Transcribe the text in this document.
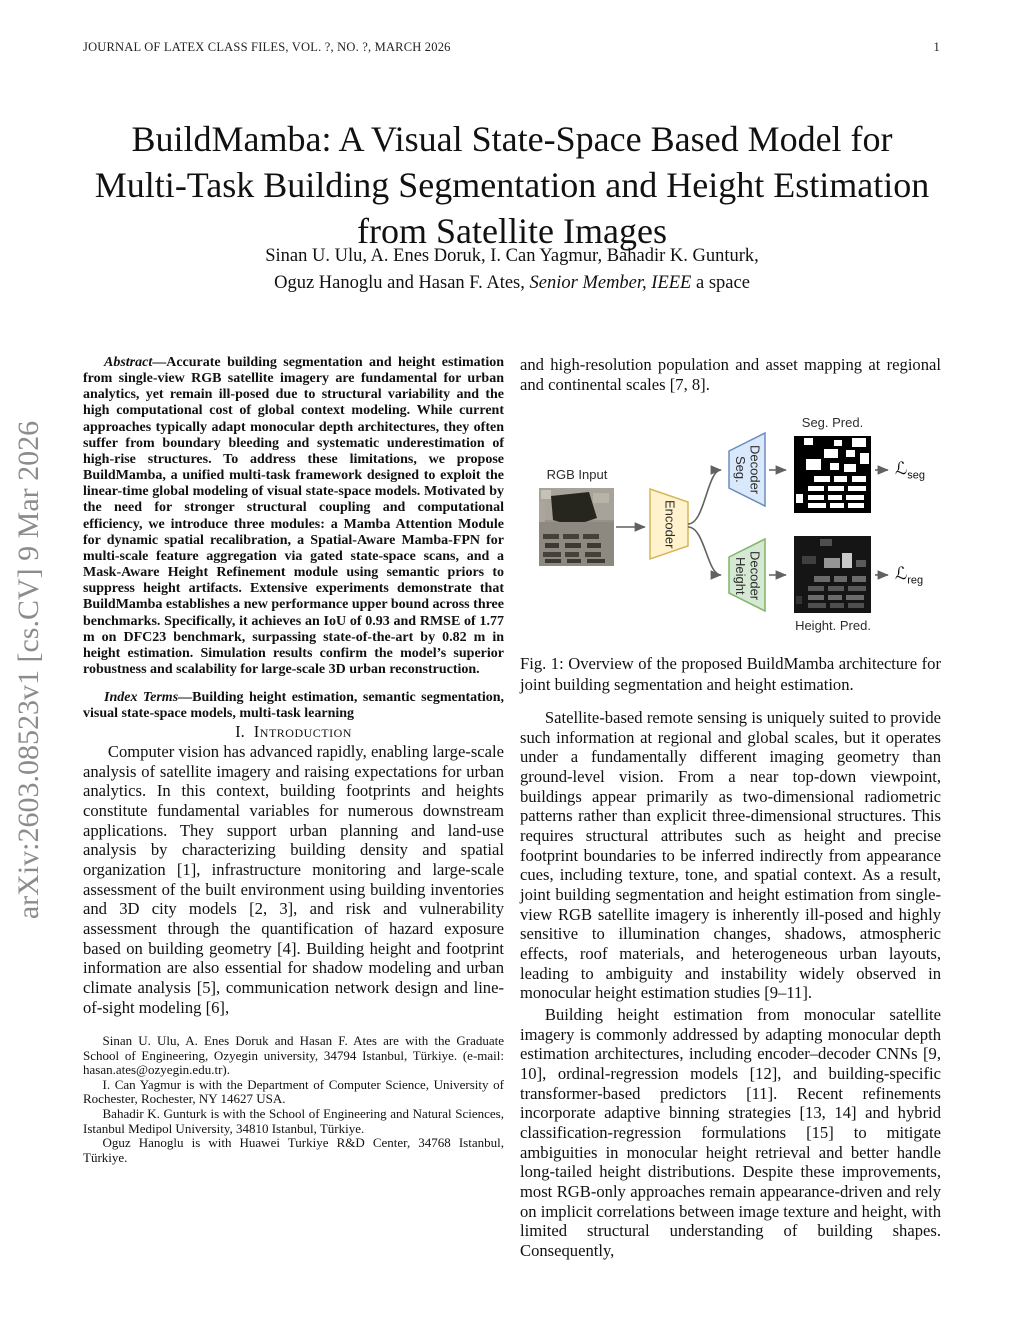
JOURNAL OF LATEX CLASS FILES, VOL. ?, NO. ?, MARCH 2026	1
arXiv:2603.08523v1 [cs.CV] 9 Mar 2026
BuildMamba: A Visual State-Space Based Model for Multi-Task Building Segmentation and Height Estimation from Satellite Images
Sinan U. Ulu, A. Enes Doruk, I. Can Yagmur, Bahadir K. Gunturk,
Oguz Hanoglu and Hasan F. Ates, Senior Member, IEEE a space

Abstract—Accurate building segmentation and height estimation from single-view RGB satellite imagery are fundamental for urban analytics, yet remain ill-posed due to structural variability and the high computational cost of global context modeling. While current approaches typically adapt monocular depth architectures, they often suffer from boundary bleeding and systematic underestimation of high-rise structures. To address these limitations, we propose BuildMamba, a unified multi-task framework designed to exploit the linear-time global modeling of visual state-space models. Motivated by the need for stronger structural coupling and computational efficiency, we introduce three modules: a Mamba Attention Module for dynamic spatial recalibration, a Spatial-Aware Mamba-FPN for multi-scale feature aggregation via gated state-space scans, and a Mask-Aware Height Refinement module using semantic priors to suppress height artifacts. Extensive experiments demonstrate that BuildMamba establishes a new performance upper bound across three benchmarks. Specifically, it achieves an IoU of 0.93 and RMSE of 1.77 m on DFC23 benchmark, surpassing state-of-the-art by 0.82 m in height estimation. Simulation results confirm the model’s superior robustness and scalability for large-scale 3D urban reconstruction.

Index Terms—Building height estimation, semantic segmentation, visual state-space models, multi-task learning

I. Introduction

Computer vision has advanced rapidly, enabling large-scale analysis of satellite imagery and raising expectations for urban analytics. In this context, building footprints and heights constitute fundamental variables for numerous downstream applications. They support urban planning and land-use analysis by characterizing building density and spatial organization [1], infrastructure monitoring and large-scale assessment of the built environment using building inventories and 3D city models [2, 3], and risk and vulnerability assessment through the quantification of hazard exposure based on building geometry [4]. Building height and footprint information are also essential for shadow modeling and urban climate analysis [5], communication network design and line-of-sight modeling [6],

Sinan U. Ulu, A. Enes Doruk and Hasan F. Ates are with the Graduate School of Engineering, Ozyegin university, 34794 Istanbul, Türkiye. (e-mail: hasan.ates@ozyegin.edu.tr).

I. Can Yagmur is with the Department of Computer Science, University of Rochester, Rochester, NY 14627 USA.

Bahadir K. Gunturk is with the School of Engineering and Natural Sciences, Istanbul Medipol University, 34810 Istanbul, Türkiye.

Oguz Hanoglu is with Huawei Turkiye R&D Center, 34768 Istanbul, Türkiye.

and high-resolution population and asset mapping at regional and continental scales [7, 8].

RGB Input
Seg. Pred.
Height. Pred.
Encoder
Seg. Decoder
Height Decoder
ℒ$_{seg}$
ℒ$_{reg}$

Fig. 1: Overview of the proposed BuildMamba architecture for joint building segmentation and height estimation.

Satellite-based remote sensing is uniquely suited to provide such information at regional and global scales, but it operates under a fundamentally different imaging geometry than ground-level vision. From a near top-down viewpoint, buildings appear primarily as two-dimensional radiometric patterns rather than explicit three-dimensional structures. This requires structural attributes such as height and precise footprint boundaries to be inferred indirectly from appearance cues, including texture, tone, and spatial context. As a result, joint building segmentation and height estimation from single-view RGB satellite imagery is inherently ill-posed and highly sensitive to illumination changes, shadows, atmospheric effects, roof materials, and heterogeneous urban layouts, leading to ambiguity and instability widely observed in monocular height estimation studies [9–11].

Building height estimation from monocular satellite imagery is commonly addressed by adapting monocular depth estimation architectures, including encoder–decoder CNNs [9, 10], ordinal-regression models [12], and building-specific transformer-based predictors [11]. Recent refinements incorporate adaptive binning strategies [13, 14] and hybrid classification-regression formulations [15] to mitigate ambiguities in monocular height retrieval and better handle long-tailed height distributions. Despite these improvements, most RGB-only approaches remain appearance-driven and rely on implicit correlations between image texture and height, with limited structural understanding of building shapes. Consequently,
